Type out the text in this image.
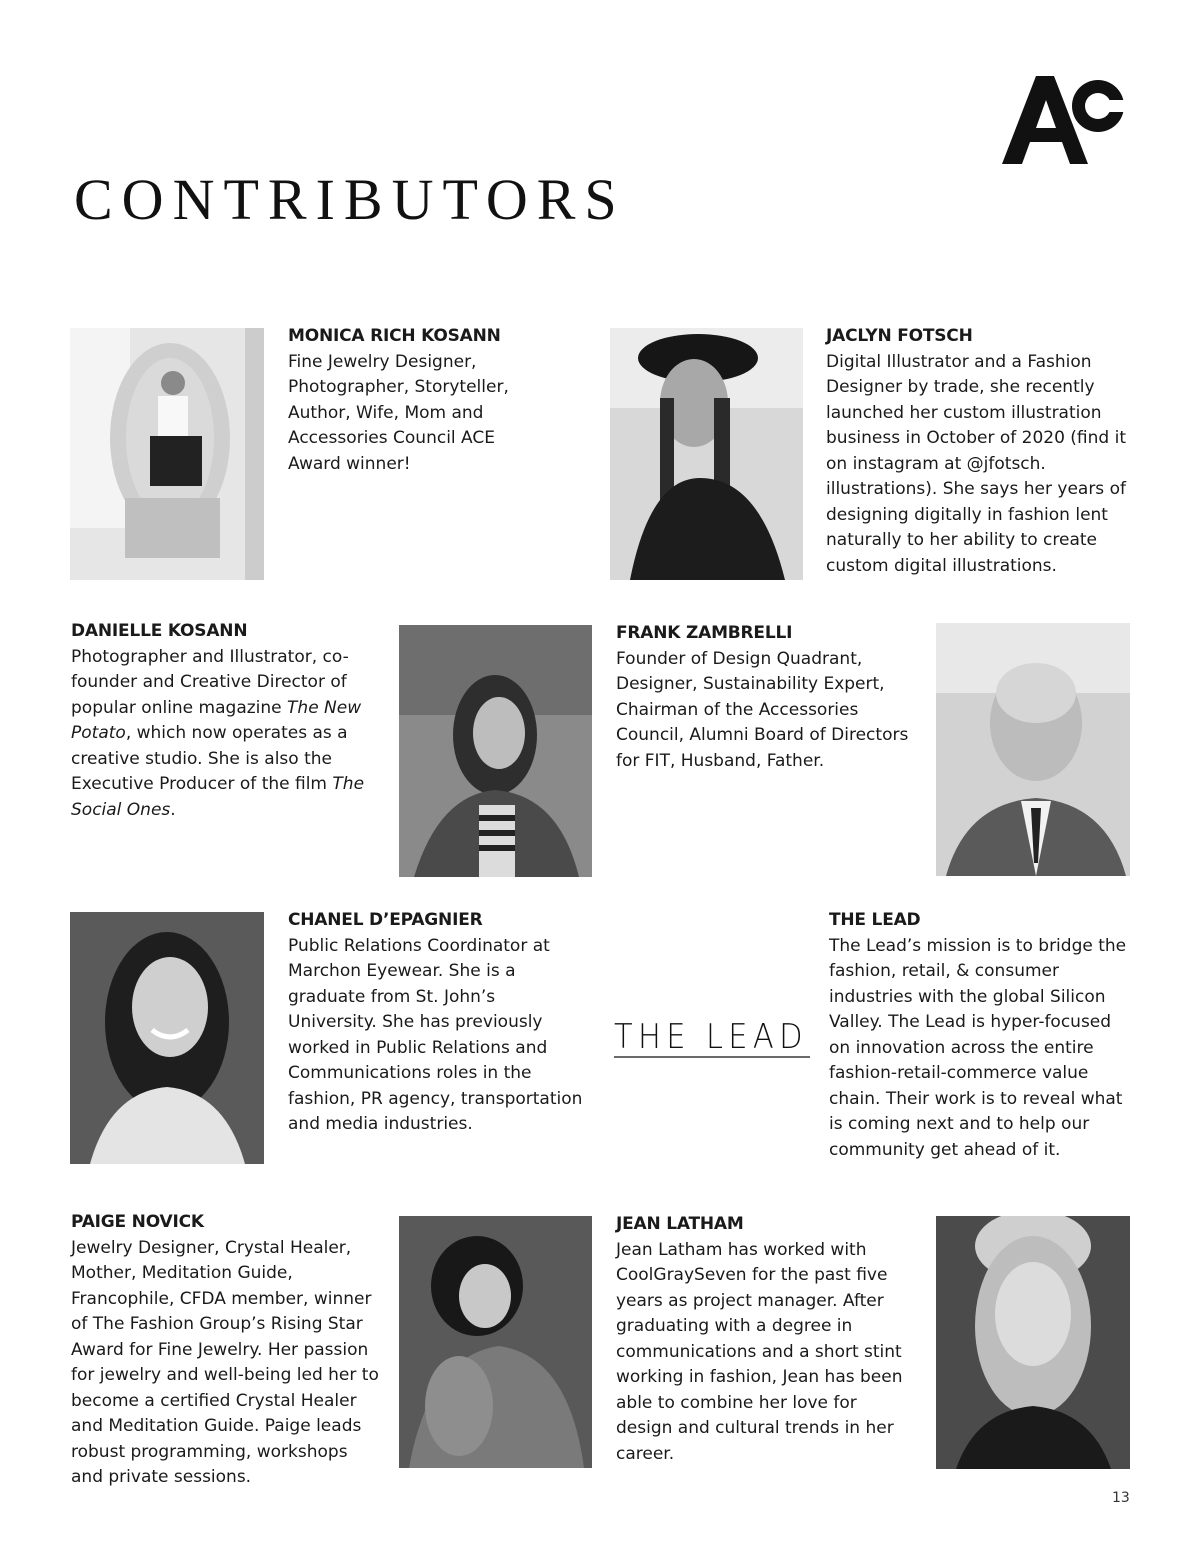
CONTRIBUTORS
MONICA RICH KOSANN

Fine Jewelry Designer, Photographer, Storyteller, Author, Wife, Mom and Accessories Council ACE Award winner!

JACLYN FOTSCH

Digital Illustrator and a Fashion Designer by trade, she recently launched her custom illustration business in October of 2020 (find it on instagram at @jfotsch. illustrations). She says her years of designing digitally in fashion lent naturally to her ability to create custom digital illustrations.

DANIELLE KOSANN

Photographer and Illustrator, co-founder and Creative Director of popular online magazine The New Potato, which now operates as a creative studio. She is also the Executive Producer of the film The Social Ones.

FRANK ZAMBRELLI

Founder of Design Quadrant, Designer, Sustainability Expert, Chairman of the Accessories Council, Alumni Board of Directors for FIT, Husband, Father.

CHANEL D’EPAGNIER

Public Relations Coordinator at Marchon Eyewear. She is a graduate from St. John’s University. She has previously worked in Public Relations and Communications roles in the fashion, PR agency, transportation and media industries.

THE LEAD
THE LEAD

The Lead’s mission is to bridge the fashion, retail, & consumer industries with the global Silicon Valley. The Lead is hyper-focused on innovation across the entire fashion-retail-commerce value chain. Their work is to reveal what is coming next and to help our community get ahead of it.

PAIGE NOVICK

Jewelry Designer, Crystal Healer, Mother, Meditation Guide, Francophile, CFDA member, winner of The Fashion Group’s Rising Star Award for Fine Jewelry. Her passion for jewelry and well-being led her to become a certified Crystal Healer and Meditation Guide. Paige leads robust programming, workshops and private sessions.

JEAN LATHAM

Jean Latham has worked with CoolGraySeven for the past five years as project manager. After graduating with a degree in communications and a short stint working in fashion, Jean has been able to combine her love for design and cultural trends in her career.

13
